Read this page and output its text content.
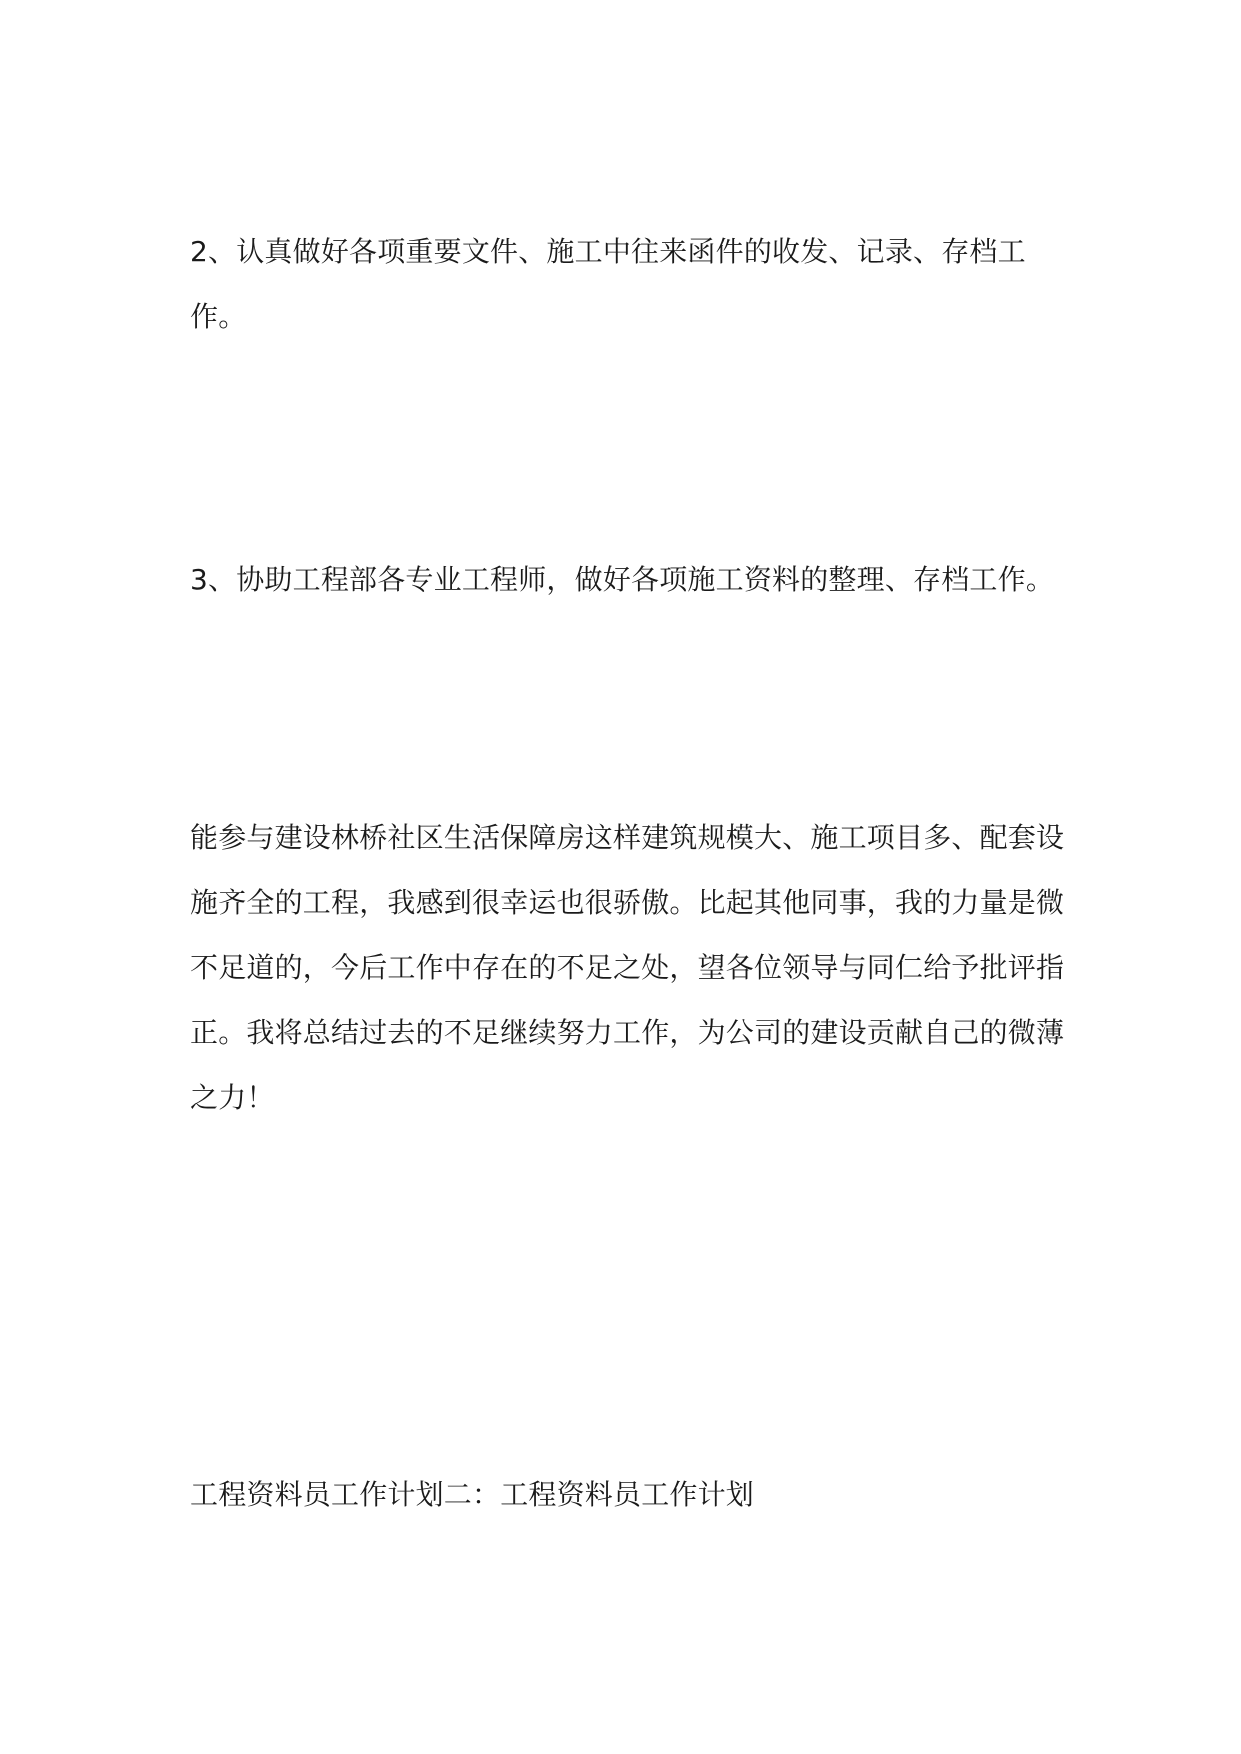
2、认真做好各项重要文件、施工中往来函件的收发、记录、存档工作。

3、协助工程部各专业工程师，做好各项施工资料的整理、存档工作。

能参与建设林桥社区生活保障房这样建筑规模大、施工项目多、配套设施齐全的工程，我感到很幸运也很骄傲。比起其他同事，我的力量是微不足道的，今后工作中存在的不足之处，望各位领导与同仁给予批评指正。我将总结过去的不足继续努力工作，为公司的建设贡献自己的微薄之力！

工程资料员工作计划二：工程资料员工作计划
